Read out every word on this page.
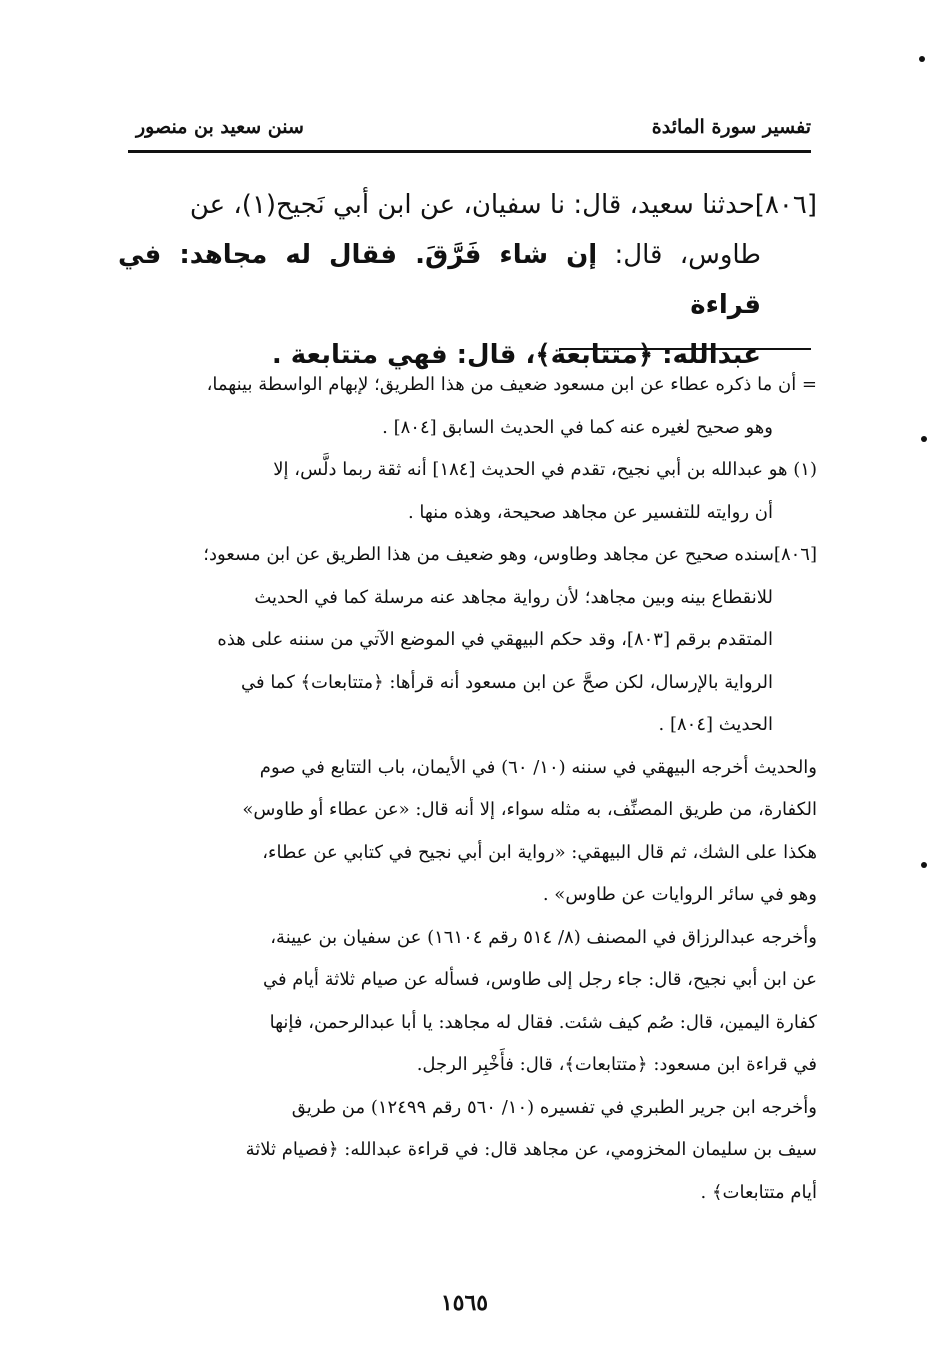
تفسير سورة المائدة
سنن سعيد بن منصور
[٨٠٦]حدثنا سعيد، قال: نا سفيان، عن ابن أبي نَجيح(١)، عن
طاوس، قال: إن شاء فَرَّقَ. فقال له مجاهد: في قراءة
عبدالله: ﴿متتابعة﴾، قال: فهي متتابعة .

= أن ما ذكره عطاء عن ابن مسعود ضعيف من هذا الطريق؛ لإبهام الواسطة بينهما،

وهو صحيح لغيره عنه كما في الحديث السابق [٨٠٤] .

(١) هو عبدالله بن أبي نجيح، تقدم في الحديث [١٨٤] أنه ثقة ربما دلَّس، إلا

أن روايته للتفسير عن مجاهد صحيحة، وهذه منها .

[٨٠٦]سنده صحيح عن مجاهد وطاوس، وهو ضعيف من هذا الطريق عن ابن مسعود؛

للانقطاع بينه وبين مجاهد؛ لأن رواية مجاهد عنه مرسلة كما في الحديث

المتقدم برقم [٨٠٣]، وقد حكم البيهقي في الموضع الآتي من سننه على هذه

الرواية بالإرسال، لكن صحَّ عن ابن مسعود أنه قرأها: ﴿متتابعات﴾ كما في

الحديث [٨٠٤] .

والحديث أخرجه البيهقي في سننه (١٠/ ٦٠) في الأيمان، باب التتابع في صوم

الكفارة، من طريق المصنِّف، به مثله سواء، إلا أنه قال: «عن عطاء أو طاوس»

هكذا على الشك، ثم قال البيهقي: «رواية ابن أبي نجيح في كتابي عن عطاء،

وهو في سائر الروايات عن طاوس» .

وأخرجه عبدالرزاق في المصنف (٨/ ٥١٤ رقم ١٦١٠٤) عن سفيان بن عيينة،

عن ابن أبي نجيح، قال: جاء رجل إلى طاوس، فسأله عن صيام ثلاثة أيام في

كفارة اليمين، قال: صُم كيف شئت. فقال له مجاهد: يا أبا عبدالرحمن، فإنها

في قراءة ابن مسعود: ﴿متتابعات﴾، قال: فأَخْبِر الرجل.

وأخرجه ابن جرير الطبري في تفسيره (١٠/ ٥٦٠ رقم ١٢٤٩٩) من طريق

سيف بن سليمان المخزومي، عن مجاهد قال: في قراءة عبدالله: ﴿فصيام ثلاثة

أيام متتابعات﴾ .

١٥٦٥
